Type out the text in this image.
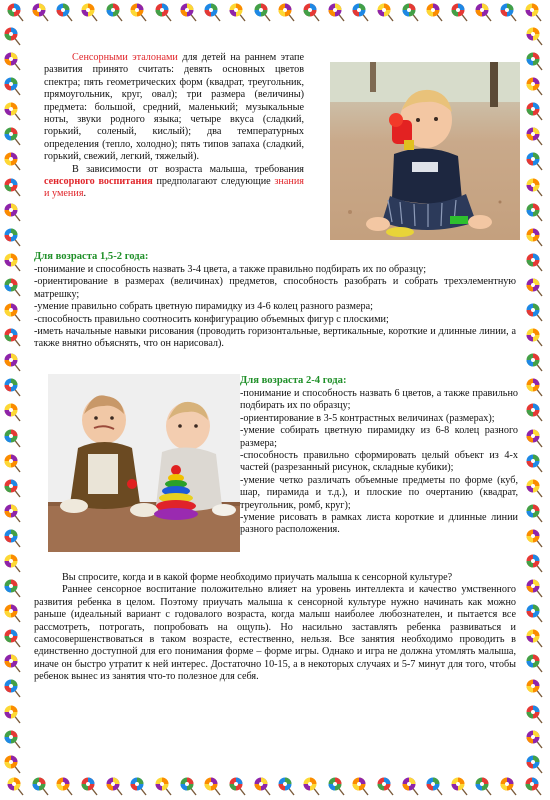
Сенсорными эталонами для детей на раннем этапе развития принято считать: девять основных цветов спектра; пять геометрических форм (квадрат, треугольник, прямоугольник, круг, овал); три размера (величины) предмета: большой, средний, маленький; музыкальные ноты, звуки родного языка; четыре вкуса (сладкий, горький, соленый, кислый); два температурных определения (тепло, холодно); пять типов запаха (сладкий, горький, свежий, легкий, тяжелый).

В зависимости от возраста малыша, требования сенсорного воспитания предполагают следующие знания и умения.

Для возраста 1,5-2 года:
-понимание и способность назвать 3-4 цвета, а также правильно подбирать их по образцу;
-ориентирование в размерах (величинах) предметов, способность разобрать и собрать трехэлементную матрешку;
-умение правильно собрать цветную пирамидку из 4-6 колец разного размера;
-способность правильно соотносить конфигурацию объемных фигур с плоскими;
-иметь начальные навыки рисования (проводить горизонтальные, вертикальные, короткие и длинные линии, а также внятно объяснять, что он нарисовал).
Для возраста 2-4 года:
-понимание и способность назвать 6 цветов, а также правильно подбирать их по образцу;
-ориентирование в 3-5 контрастных величинах (размерах);
-умение собирать цветную пирамидку из 6-8 колец разного размера;
-способность правильно сформировать целый объект из 4-х частей (разрезанный рисунок, складные кубики);
-умение четко различать объемные предметы по форме (куб, шар, пирамида и т.д.), и плоские по очертанию (квадрат, треугольник, ромб, круг);
-умение рисовать в рамках листа короткие и длинные линии разного расположения.

Вы спросите, когда и в какой форме необходимо приучать малыша к сенсорной культуре?

Раннее сенсорное воспитание положительно влияет на уровень интеллекта и качество умственного развития ребенка в целом. Поэтому приучать малыша к сенсорной культуре нужно начинать как можно раньше (идеальный вариант с годовалого возраста, когда малыш наиболее любознателен, и пытается все рассмотреть, потрогать, попробовать на ощупь). Но насильно заставлять ребенка развиваться и самосовершенствоваться в таком возрасте, естественно, нельзя. Все занятия необходимо проводить в единственно доступной для его понимания форме – форме игры. Однако и игра не должна утомлять малыша, иначе он быстро утратит к ней интерес. Достаточно 10-15, а в некоторых случаях и 5-7 минут для того, чтобы ребенок вынес из занятия что-то полезное для себя.
